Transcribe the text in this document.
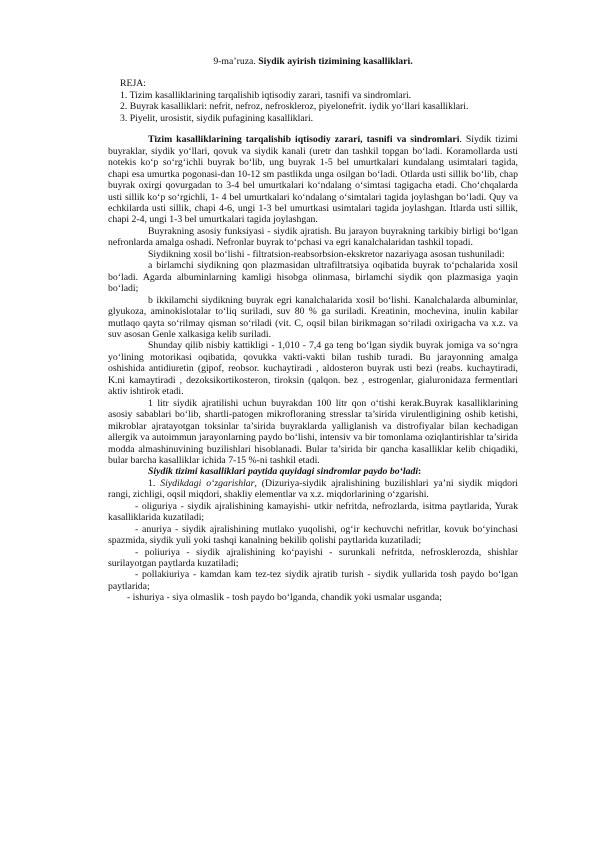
9-ma’ruza. Siydik ayirish tizimining kasalliklari.
REJA:
1. Tizim kasalliklarining tarqalishib iqtisodiy zarari, tasnifi va sindromlari.
2. Buyrak kasalliklari: nefrit, nefroz, nefroskleroz, piyelonefrit. iydik yo‘llari kasalliklari.
3. Piyelit, urosistit, siydik pufagining kasalliklari.

Tizim kasalliklarining tarqalishib iqtisodiy zarari, tasnifi va sindromlari. Siydik tizimi buyraklar, siydik yo‘llari, qovuk va siydik kanali (uretr dan tashkil topgan bo‘ladi. Koramollarda usti notekis ko‘p so‘rg‘ichli buyrak bo‘lib, ung buyrak 1-5 bel umurtkalari kundalang usimtalari tagida, chapi esa umurtka pogonasi-dan 10-12 sm pastlikda unga osilgan bo‘ladi. Otlarda usti sillik bo‘lib, chap buyrak oxirgi qovurgadan to 3-4 bel umurtkalari ko‘ndalang o‘simtasi tagigacha etadi. Cho‘chqalarda usti sillik ko‘p so‘rgichli, 1- 4 bel umurtkalari ko‘ndalang o‘simtalari tagida joylashgan bo‘ladi. Quy va echkilarda usti sillik, chapi 4-6, ungi 1-3 bel umurtkasi usimtalari tagida joylashgan. Itlarda usti sillik, chapi 2-4, ungi 1-3 bel umurtkalari tagida joylashgan.

Buyrakning asosiy funksiyasi - siydik ajratish. Bu jarayon buyrakning tarkibiy birligi bo‘lgan nefronlarda amalga oshadi. Nefronlar buyrak to‘pchasi va egri kanalchalaridan tashkil topadi.

Siydikning xosil bo‘lishi - filtratsion-reabsorbsion-ekskretor nazariyaga asosan tushuniladi:

a birlamchi siydikning qon plazmasidan ultrafiltratsiya oqibatida buyrak to‘pchalarida xosil bo‘ladi. Agarda albuminlarning kamligi hisobga olinmasa, birlamchi siydik qon plazmasiga yaqin bo‘ladi;

b ikkilamchi siydikning buyrak egri kanalchalarida xosil bo‘lishi. Kanalchalarda albuminlar, glyukoza, aminokislotalar to‘liq suriladi, suv 80 % ga suriladi. Kreatinin, mochevina, inulin kabilar mutlaqo qayta so‘rilmay qisman so‘riladi (vit. C, oqsil bilan birikmagan so‘riladi oxirigacha va x.z. va suv asosan Genle xalkasiga kelib suriladi.

Shunday qilib nisbiy kattikligi - 1,010 - 7,4 ga teng bo‘lgan siydik buyrak jomiga va so‘ngra yo‘lining motorikasi oqibatida, qovukka vakti-vakti bilan tushib turadi. Bu jarayonning amalga oshishida antidiuretin (gipof, reobsor. kuchaytiradi , aldosteron buyrak usti bezi (reabs. kuchaytiradi, K.ni kamaytiradi , dezoksikortikosteron, tiroksin (qalqon. bez , estrogenlar, gialuronidaza fermentlari aktiv ishtirok etadi.

1 litr siydik ajratilishi uchun buyrakdan 100 litr qon o‘tishi kerak.Buyrak kasalliklarining asosiy sabablari bo‘lib, shartli-patogen mikroflorаning stresslar ta’sirida virulentligining oshib ketishi, mikroblar ajratayotgan toksinlar ta’sirida buyraklarda yalliglanish va distrofiyalar bilan kechadigan allergik va autoimmun jarayonlarning paydo bo‘lishi, intensiv va bir tomonlama oziqlantirishlar ta’sirida modda almashinuvining buzilishlari hisoblanadi. Bular ta’sirida bir qancha kasalliklar kelib chiqadiki, bular barcha kasalliklar ichida 7-15 %-ni tashkil etadi.

Siydik tizimi kasalliklari paytida quyidagi sindromlar paydo bo‘ladi:

1. Siydikdagi o‘zgarishlar, (Dizuriya-siydik ajralishining buzilishlari ya’ni siydik miqdori rangi, zichligi, oqsil miqdori, shakliy elementlar va x.z. miqdorlarining o‘zgarishi.

- oliguriya - siydik ajralishining kamayishi- utkir nefritda, nefrozlarda, isitma paytlarida, Yurak kasalliklarida kuzatiladi;

- anuriya - siydik ajralishining mutlako yuqolishi, og‘ir kechuvchi nefritlar, kovuk bo‘yinchasi spazmida, siydik yuli yoki tashqi kanalning bekilib qolishi paytlarida kuzatiladi;

- poliuriya - siydik ajralishining ko‘payishi - surunkali nefritda, nefrosklerozda, shishlar surilayotgan paytlarda kuzatiladi;

- pollakiuriya - kamdan kam tez-tez siydik ajratib turish - siydik yullarida tosh paydo bo‘lgan paytlarida;

- ishuriya - siya olmaslik - tosh paydo bo‘lganda, chandik yoki usmalar usganda;
